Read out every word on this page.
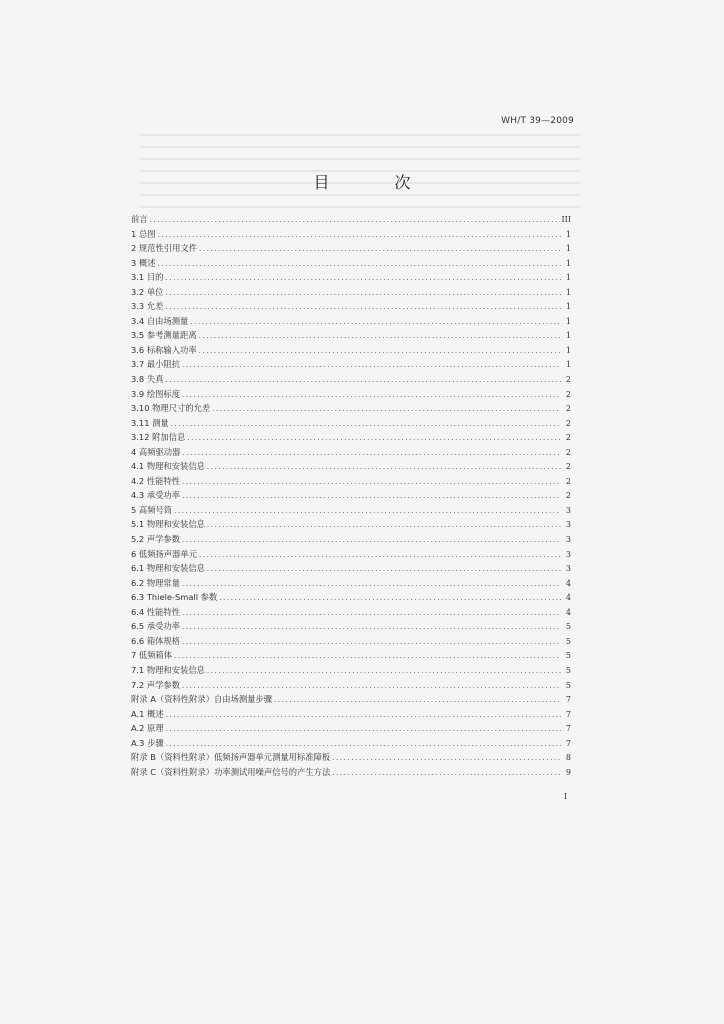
WH/T 39—2009
目 次
前言 .....	III
1 总图 .....	1
2 规范性引用文件 .....	1
3 概述 .....	1
3.1 目的 .....	1
3.2 单位 .....	1
3.3 允差 .....	1
3.4 自由场测量 .....	1
3.5 参考测量距离 .....	1
3.6 标称输入功率 .....	1
3.7 最小阻抗 .....	1
3.8 失真 .....	2
3.9 绘图标度 .....	2
3.10 物理尺寸的允差 .....	2
3.11 测量 .....	2
3.12 附加信息 .....	2
4 高频驱动器 .....	2
4.1 物理和安装信息 .....	2
4.2 性能特性 .....	2
4.3 承受功率 .....	2
5 高频号筒 .....	3
5.1 物理和安装信息 .....	3
5.2 声学参数 .....	3
6 低频扬声器单元 .....	3
6.1 物理和安装信息 .....	3
6.2 物理常量 .....	4
6.3 Thiele-Small 参数 .....	4
6.4 性能特性 .....	4
6.5 承受功率 .....	5
6.6 箱体规格 .....	5
7 低频箱体 .....	5
7.1 物理和安装信息 .....	5
7.2 声学参数 .....	5
附录 A（资料性附录）自由场测量步骤 .....	7
A.1 概述 .....	7
A.2 原理 .....	7
A.3 步骤 .....	7
附录 B（资料性附录）低频扬声器单元测量用标准障板 .....	8
附录 C（资料性附录）功率测试用噪声信号的产生方法 .....	9
I
